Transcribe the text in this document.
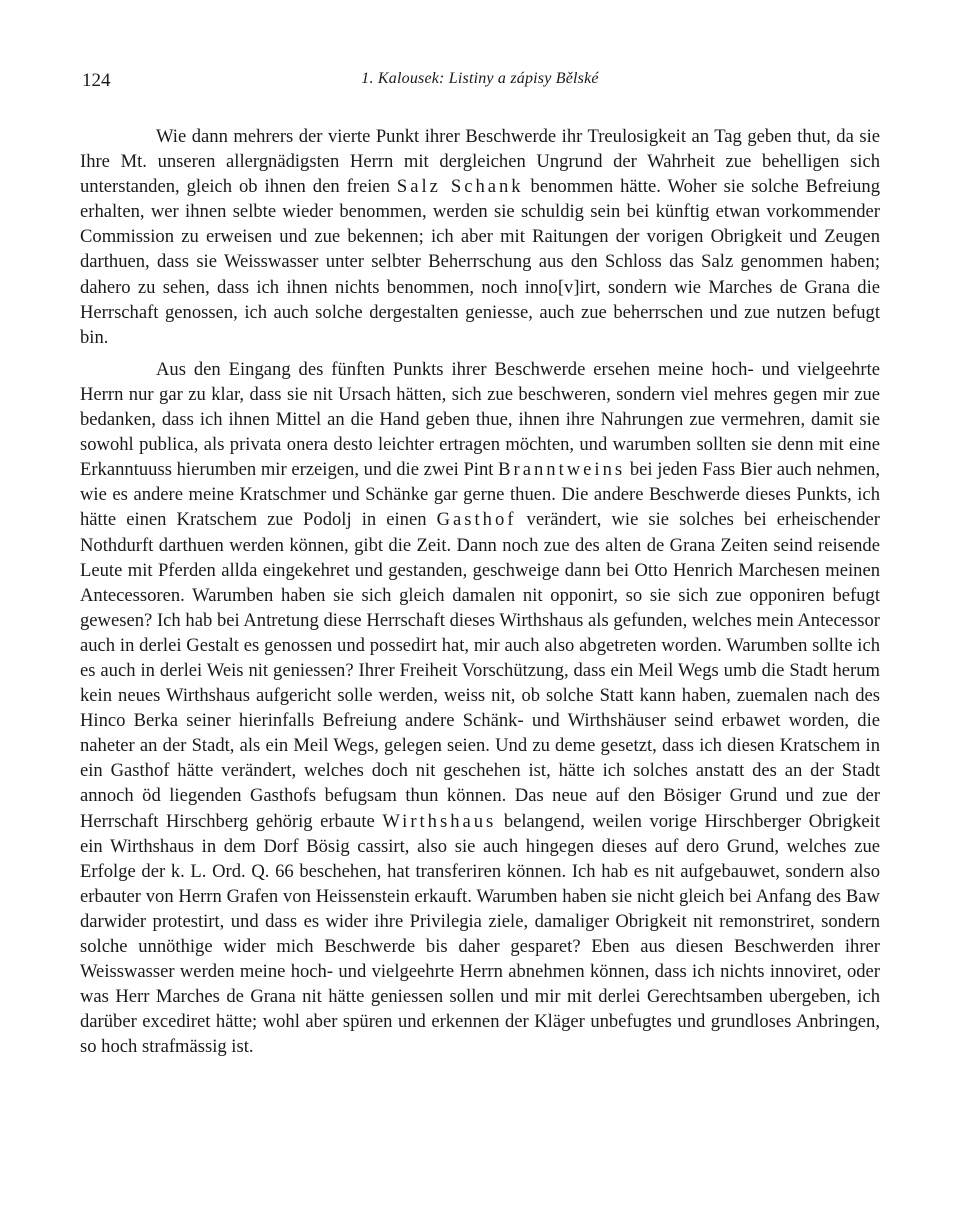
124	1. Kalousek: Listiny a zápisy Bělské

Wie dann mehrers der vierte Punkt ihrer Beschwerde ihr Treulosigkeit an Tag geben thut, da sie Ihre Mt. unseren allergnädigsten Herrn mit dergleichen Ungrund der Wahrheit zue behelligen sich unterstanden, gleich ob ihnen den freien Salz Schank benommen hätte. Woher sie solche Befreiung erhalten, wer ihnen selbte wieder benommen, werden sie schuldig sein bei künftig etwan vorkommender Commission zu erweisen und zue bekennen; ich aber mit Raitungen der vorigen Obrigkeit und Zeugen darthuen, dass sie Weisswasser unter selbter Beherrschung aus den Schloss das Salz genommen haben; dahero zu sehen, dass ich ihnen nichts benommen, noch inno[v]irt, sondern wie Marches de Grana die Herrschaft genossen, ich auch solche dergestalten geniesse, auch zue beherrschen und zue nutzen befugt bin.

Aus den Eingang des fünften Punkts ihrer Beschwerde ersehen meine hoch- und vielgeehrte Herrn nur gar zu klar, dass sie nit Ursach hätten, sich zue beschweren, sondern viel mehres gegen mir zue bedanken, dass ich ihnen Mittel an die Hand geben thue, ihnen ihre Nahrungen zue vermehren, damit sie sowohl publica, als privata onera desto leichter ertragen möchten, und warumben sollten sie denn mit eine Erkanntuuss hierumben mir erzeigen, und die zwei Pint Branntweins bei jeden Fass Bier auch nehmen, wie es andere meine Kratschmer und Schänke gar gerne thuen. Die andere Beschwerde dieses Punkts, ich hätte einen Kratschem zue Podolj in einen Gasthof verändert, wie sie solches bei erheischender Nothdurft darthuen werden können, gibt die Zeit. Dann noch zue des alten de Grana Zeiten seind reisende Leute mit Pferden allda eingekehret und gestanden, geschweige dann bei Otto Henrich Marchesen meinen Antecessoren. Warumben haben sie sich gleich damalen nit opponirt, so sie sich zue opponiren befugt gewesen? Ich hab bei Antretung diese Herrschaft dieses Wirthshaus als gefunden, welches mein Antecessor auch in derlei Gestalt es genossen und possedirt hat, mir auch also abgetreten worden. Warumben sollte ich es auch in derlei Weis nit geniessen? Ihrer Freiheit Vorschützung, dass ein Meil Wegs umb die Stadt herum kein neues Wirthshaus aufgericht solle werden, weiss nit, ob solche Statt kann haben, zuemalen nach des Hinco Berka seiner hierinfalls Befreiung andere Schänk- und Wirthshäuser seind erbawet worden, die naheter an der Stadt, als ein Meil Wegs, gelegen seien. Und zu deme gesetzt, dass ich diesen Kratschem in ein Gasthof hätte verändert, welches doch nit geschehen ist, hätte ich solches anstatt des an der Stadt annoch öd liegenden Gasthofs befugsam thun können. Das neue auf den Bösiger Grund und zue der Herrschaft Hirschberg gehörig erbaute Wirthshaus belangend, weilen vorige Hirschberger Obrigkeit ein Wirthshaus in dem Dorf Bösig cassirt, also sie auch hingegen dieses auf dero Grund, welches zue Erfolge der k. L. Ord. Q. 66 beschehen, hat transferiren können. Ich hab es nit aufgebauwet, sondern also erbauter von Herrn Grafen von Heissenstein erkauft. Warumben haben sie nicht gleich bei Anfang des Baw darwider protestirt, und dass es wider ihre Privilegia ziele, damaliger Obrigkeit nit remonstriret, sondern solche unnöthige wider mich Beschwerde bis daher gesparet? Eben aus diesen Beschwerden ihrer Weisswasser werden meine hoch- und vielgeehrte Herrn abnehmen können, dass ich nichts innoviret, oder was Herr Marches de Grana nit hätte geniessen sollen und mir mit derlei Gerechtsamben ubergeben, ich darüber excediret hätte; wohl aber spüren und erkennen der Kläger unbefugtes und grundloses Anbringen, so hoch strafmässig ist.
